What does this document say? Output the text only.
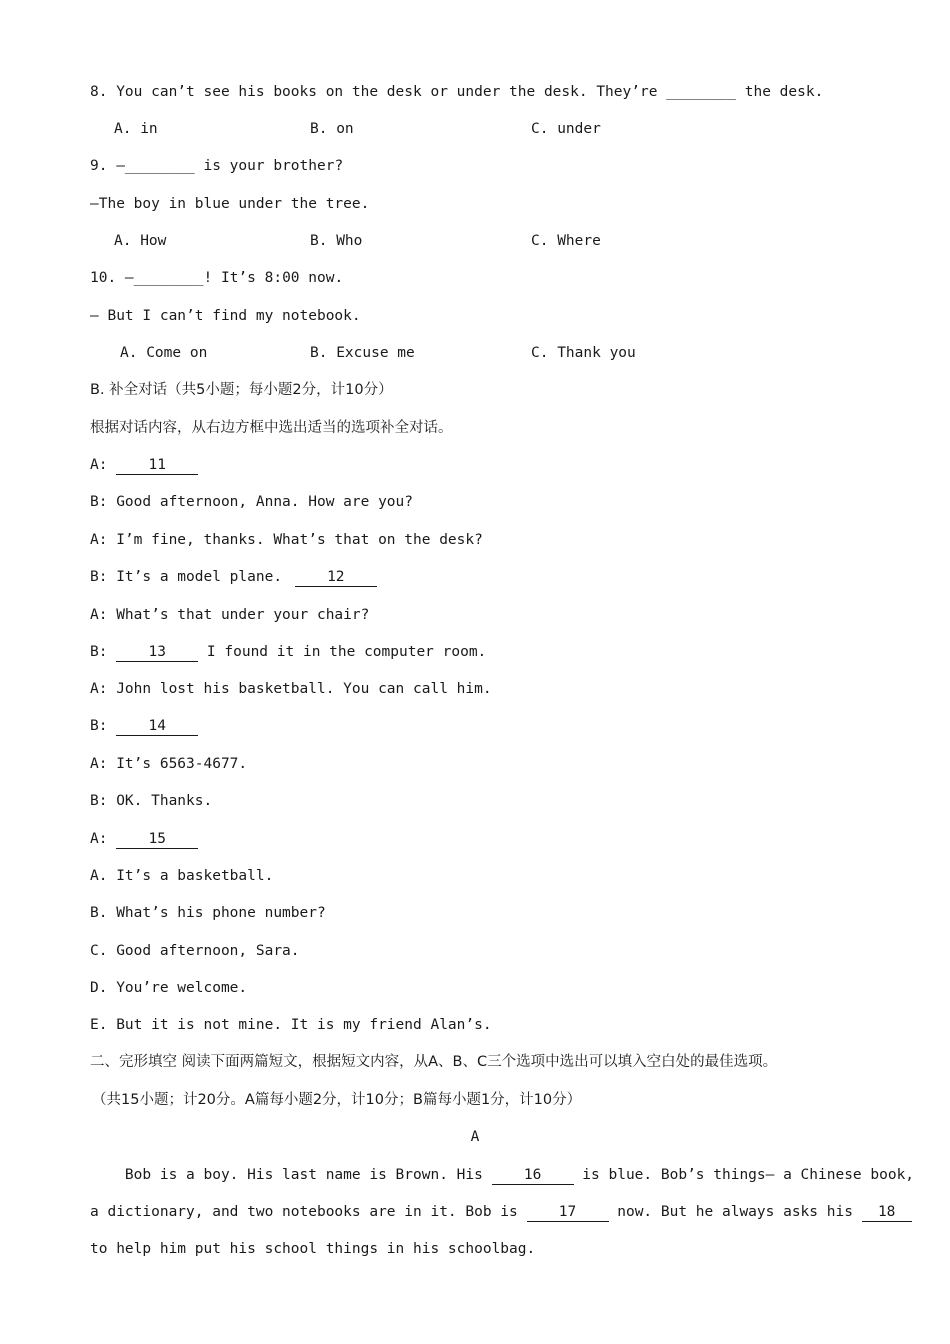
8. You can’t see his books on the desk or under the desk. They’re ________ the desk.
A. in	B. on	C. under
9. —________ is your brother?
—The boy in blue under the tree.
A. How	B. Who	C. Where
10. —________! It’s 8:00 now.
— But I can’t find my notebook.
A. Come on	B. Excuse me	C. Thank you
B. 补全对话（共5小题；每小题2分，计10分）
根据对话内容，从右边方框中选出适当的选项补全对话。
A: 11
B: Good afternoon, Anna. How are you?
A: I’m fine, thanks. What’s that on the desk?
B: It’s a model plane.	12
A: What’s that under your chair?
B: 13 I found it in the computer room.
A: John lost his basketball. You can call him.
B: 14
A: It’s 6563-4677.
B: OK. Thanks.
A: 15
A. It’s a basketball.
B. What’s his phone number?
C. Good afternoon, Sara.
D. You’re welcome.
E. But it is not mine. It is my friend Alan’s.
二、完形填空 阅读下面两篇短文，根据短文内容，从A、B、C三个选项中选出可以填入空白处的最佳选项。
（共15小题；计20分。A篇每小题2分，计10分；B篇每小题1分，计10分）
A
Bob is a boy. His last name is Brown. His 16 is blue. Bob’s things— a Chinese book,
a dictionary, and two notebooks are in it. Bob is 17 now. But he always asks his 18
to help him put his school things in his schoolbag.
